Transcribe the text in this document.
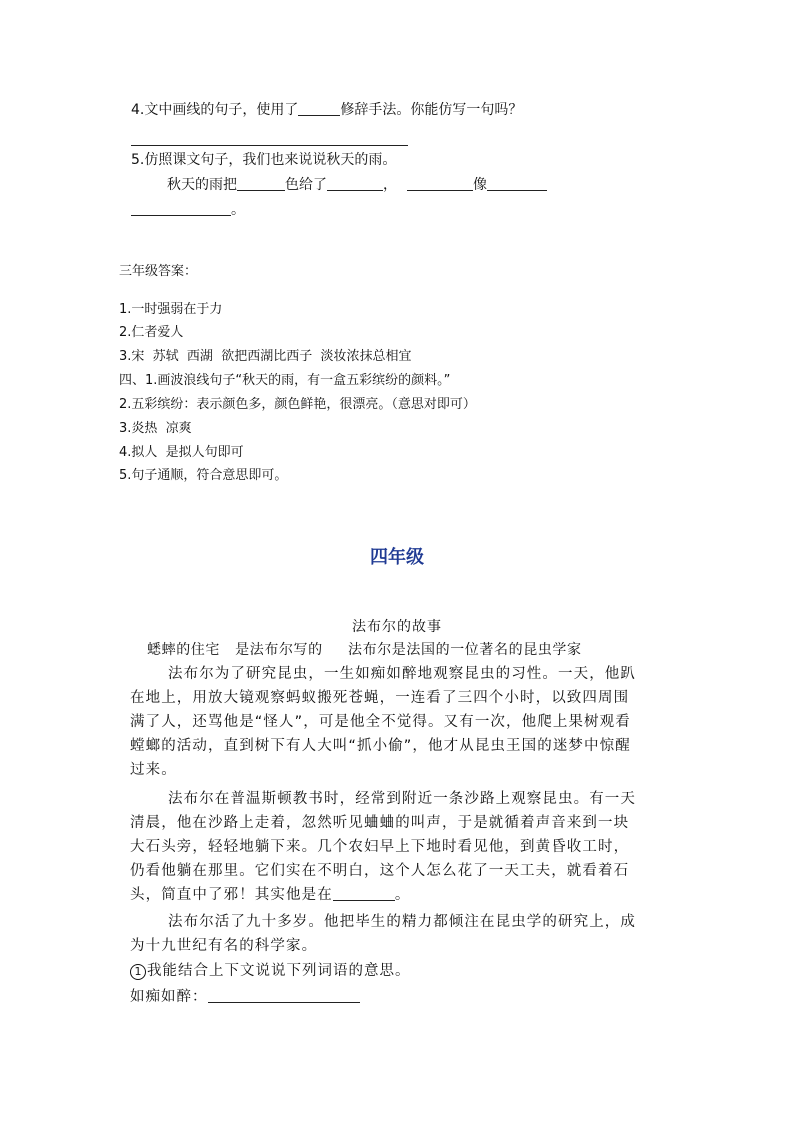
4.文中画线的句子，使用了	修辞手法。你能仿写一句吗？
5.仿照课文句子，我们也来说说秋天的雨。
秋天的雨把	色给了	，	像
。
三年级答案：
1.一时强弱在于力
2.仁者爱人
3.宋  苏轼  西湖  欲把西湖比西子  淡妆浓抹总相宜
四、1.画波浪线句子“秋天的雨，有一盒五彩缤纷的颜料。”
2.五彩缤纷：表示颜色多，颜色鲜艳，很漂亮。（意思对即可）
3.炎热  凉爽
4.拟人  是拟人句即可
5.句子通顺，符合意思即可。
四年级
法布尔的故事
蟋蟀的住宅   是法布尔写的     法布尔是法国的一位著名的昆虫学家
法布尔为了研究昆虫，一生如痴如醉地观察昆虫的习性。一天，他趴
在地上，用放大镜观察蚂蚁搬死苍蝇，一连看了三四个小时，以致四周围
满了人，还骂他是“怪人”，可是他全不觉得。又有一次，他爬上果树观看
螳螂的活动，直到树下有人大叫“抓小偷”，他才从昆虫王国的迷梦中惊醒
过来。
法布尔在普温斯顿教书时，经常到附近一条沙路上观察昆虫。有一天
清晨，他在沙路上走着，忽然听见蛐蛐的叫声，于是就循着声音来到一块
大石头旁，轻轻地躺下来。几个农妇早上下地时看见他，到黄昏收工时，
仍看他躺在那里。它们实在不明白，这个人怎么花了一天工夫，就看着石
头，简直中了邪！其实他是在	。
法布尔活了九十多岁。他把毕生的精力都倾注在昆虫学的研究上，成
为十九世纪有名的科学家。
1 我能结合上下文说说下列词语的意思。
如痴如醉：
